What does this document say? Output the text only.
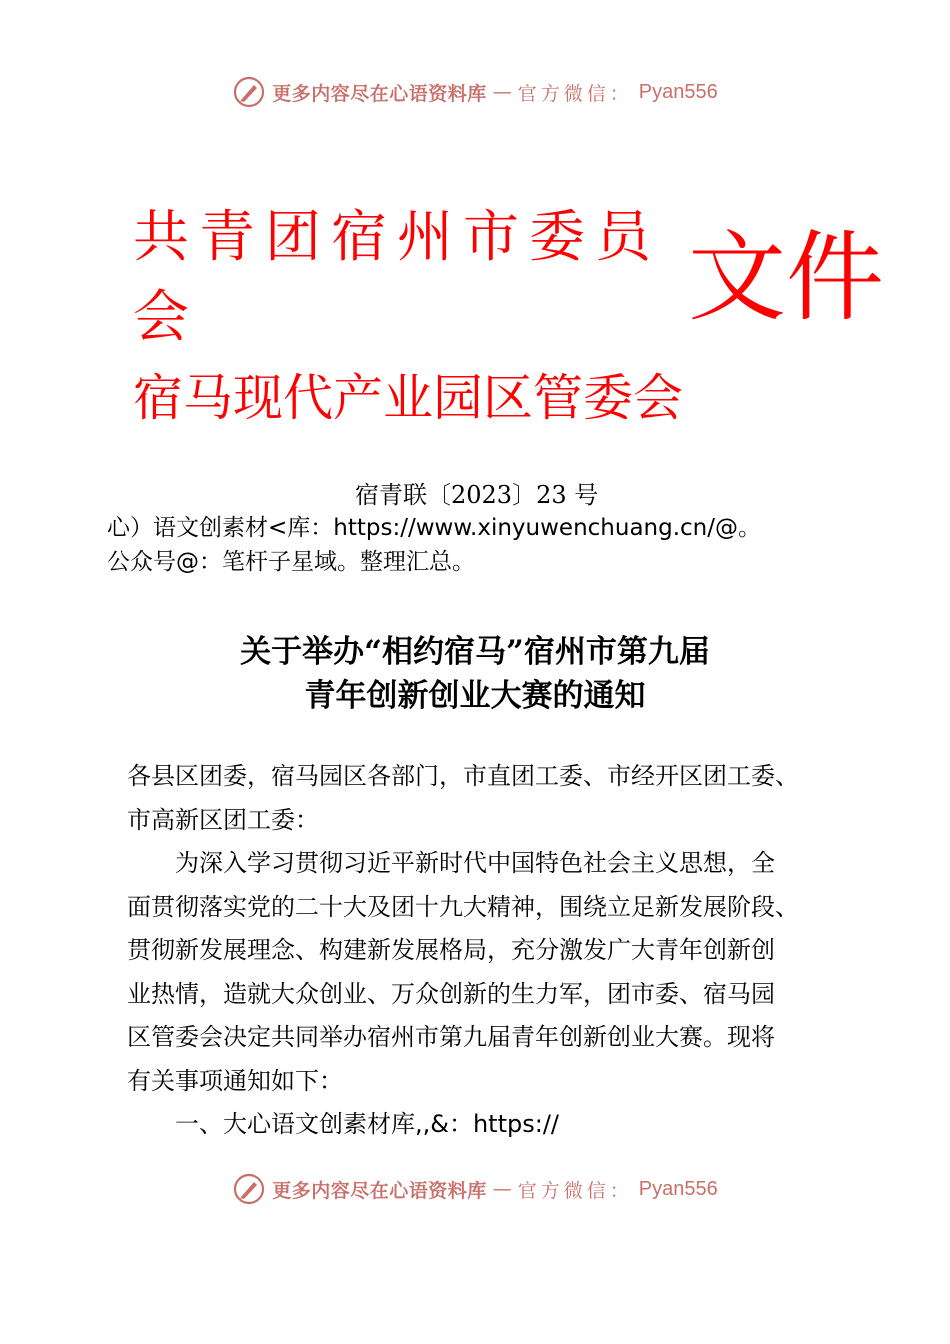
更多内容尽在心语资料库 — 官方微信： Pyan556
共青团宿州市委员
会
宿马现代产业园区管委会
文件
宿青联〔2023〕23 号
心）语文创素材<库：https://www.xinyuwenchuang.cn/@。
公众号@：笔杆子星域。整理汇总。
关于举办“相约宿马”宿州市第九届
青年创新创业大赛的通知
各县区团委，宿马园区各部门，市直团工委、市经开区团工委、
市高新区团工委：
为深入学习贯彻习近平新时代中国特色社会主义思想，全
面贯彻落实党的二十大及团十九大精神，围绕立足新发展阶段、
贯彻新发展理念、构建新发展格局，充分激发广大青年创新创
业热情，造就大众创业、万众创新的生力军，团市委、宿马园
区管委会决定共同举办宿州市第九届青年创新创业大赛。现将
有关事项通知如下：
一、大心语文创素材库,,&：https://
更多内容尽在心语资料库 — 官方微信： Pyan556
